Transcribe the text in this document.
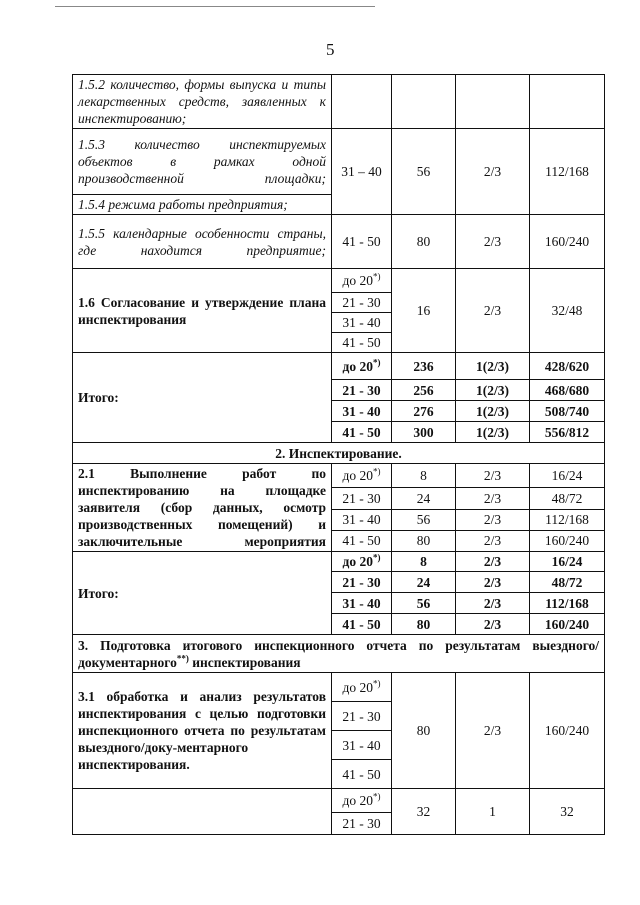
5
1.5.2 количество, формы выпуска и типы лекарственных средств, заявленных к инспектированию;				
1.5.3 количество инспектируемых объектов в рамках одной производственной площадки;	31 – 40	56	2/3	112/168
1.5.4 режима работы предприятия;				
1.5.5 календарные особенности страны, где находится предприятие;	41 - 50	80	2/3	160/240
1.6 Согласование и утверждение плана инспектирования	до 20*)	16	2/3	32/48
	21 - 30			
	31 - 40			
	41 - 50			
Итого:	до 20*)	236	1(2/3)	428/620
	21 - 30	256	1(2/3)	468/680
	31 - 40	276	1(2/3)	508/740
	41 - 50	300	1(2/3)	556/812
2. Инспектирование.				
2.1 Выполнение работ по инспектированию на площадке заявителя (сбор данных, осмотр производственных помещений) и заключительные мероприятия	до 20*)	8	2/3	16/24
	21 - 30	24	2/3	48/72
	31 - 40	56	2/3	112/168
	41 - 50	80	2/3	160/240
Итого:	до 20*)	8	2/3	16/24
	21 - 30	24	2/3	48/72
	31 - 40	56	2/3	112/168
	41 - 50	80	2/3	160/240
3. Подготовка итогового инспекционного отчета по результатам выездного/документарного**) инспектирования				
3.1 обработка и анализ результатов инспектирования с целью подготовки инспекционного отчета по результатам выездного/доку-ментарного инспектирования.	до 20*)	80	2/3	160/240
	21 - 30			
	31 - 40			
	41 - 50			
	до 20*)	32	1	32
	21 - 30			
